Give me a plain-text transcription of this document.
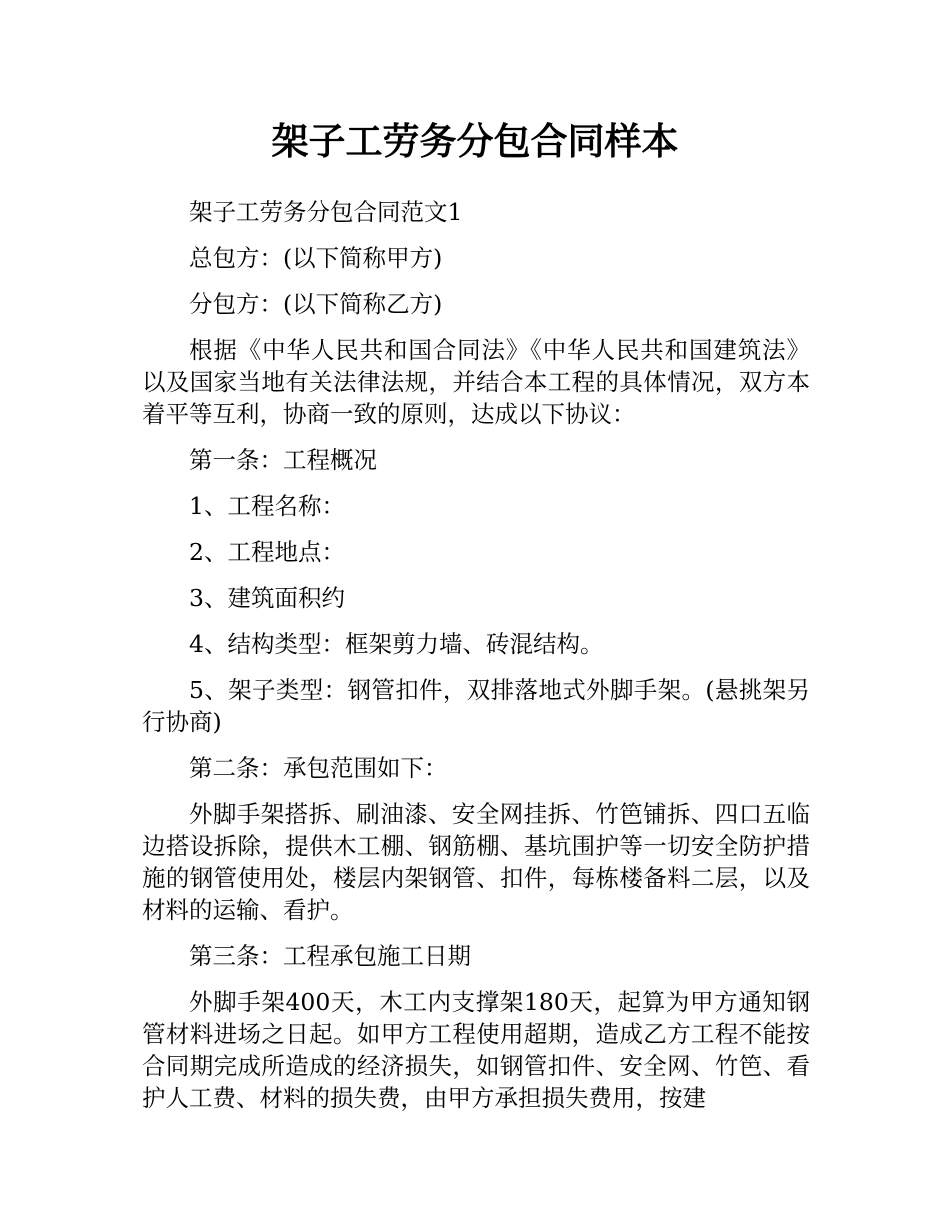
架子工劳务分包合同样本

架子工劳务分包合同范文1

总包方：(以下简称甲方)

分包方：(以下简称乙方)

根据《中华人民共和国合同法》《中华人民共和国建筑法》以及国家当地有关法律法规，并结合本工程的具体情况，双方本着平等互利，协商一致的原则，达成以下协议：

第一条：工程概况

1、工程名称：

2、工程地点：

3、建筑面积约

4、结构类型：框架剪力墙、砖混结构。

5、架子类型：钢管扣件，双排落地式外脚手架。(悬挑架另行协商)

第二条：承包范围如下：

外脚手架搭拆、刷油漆、安全网挂拆、竹笆铺拆、四口五临边搭设拆除，提供木工棚、钢筋棚、基坑围护等一切安全防护措施的钢管使用处，楼层内架钢管、扣件，每栋楼备料二层，以及材料的运输、看护。

第三条：工程承包施工日期

外脚手架400天，木工内支撑架180天，起算为甲方通知钢管材料进场之日起。如甲方工程使用超期，造成乙方工程不能按合同期完成所造成的经济损失，如钢管扣件、安全网、竹笆、看护人工费、材料的损失费，由甲方承担损失费用，按建
